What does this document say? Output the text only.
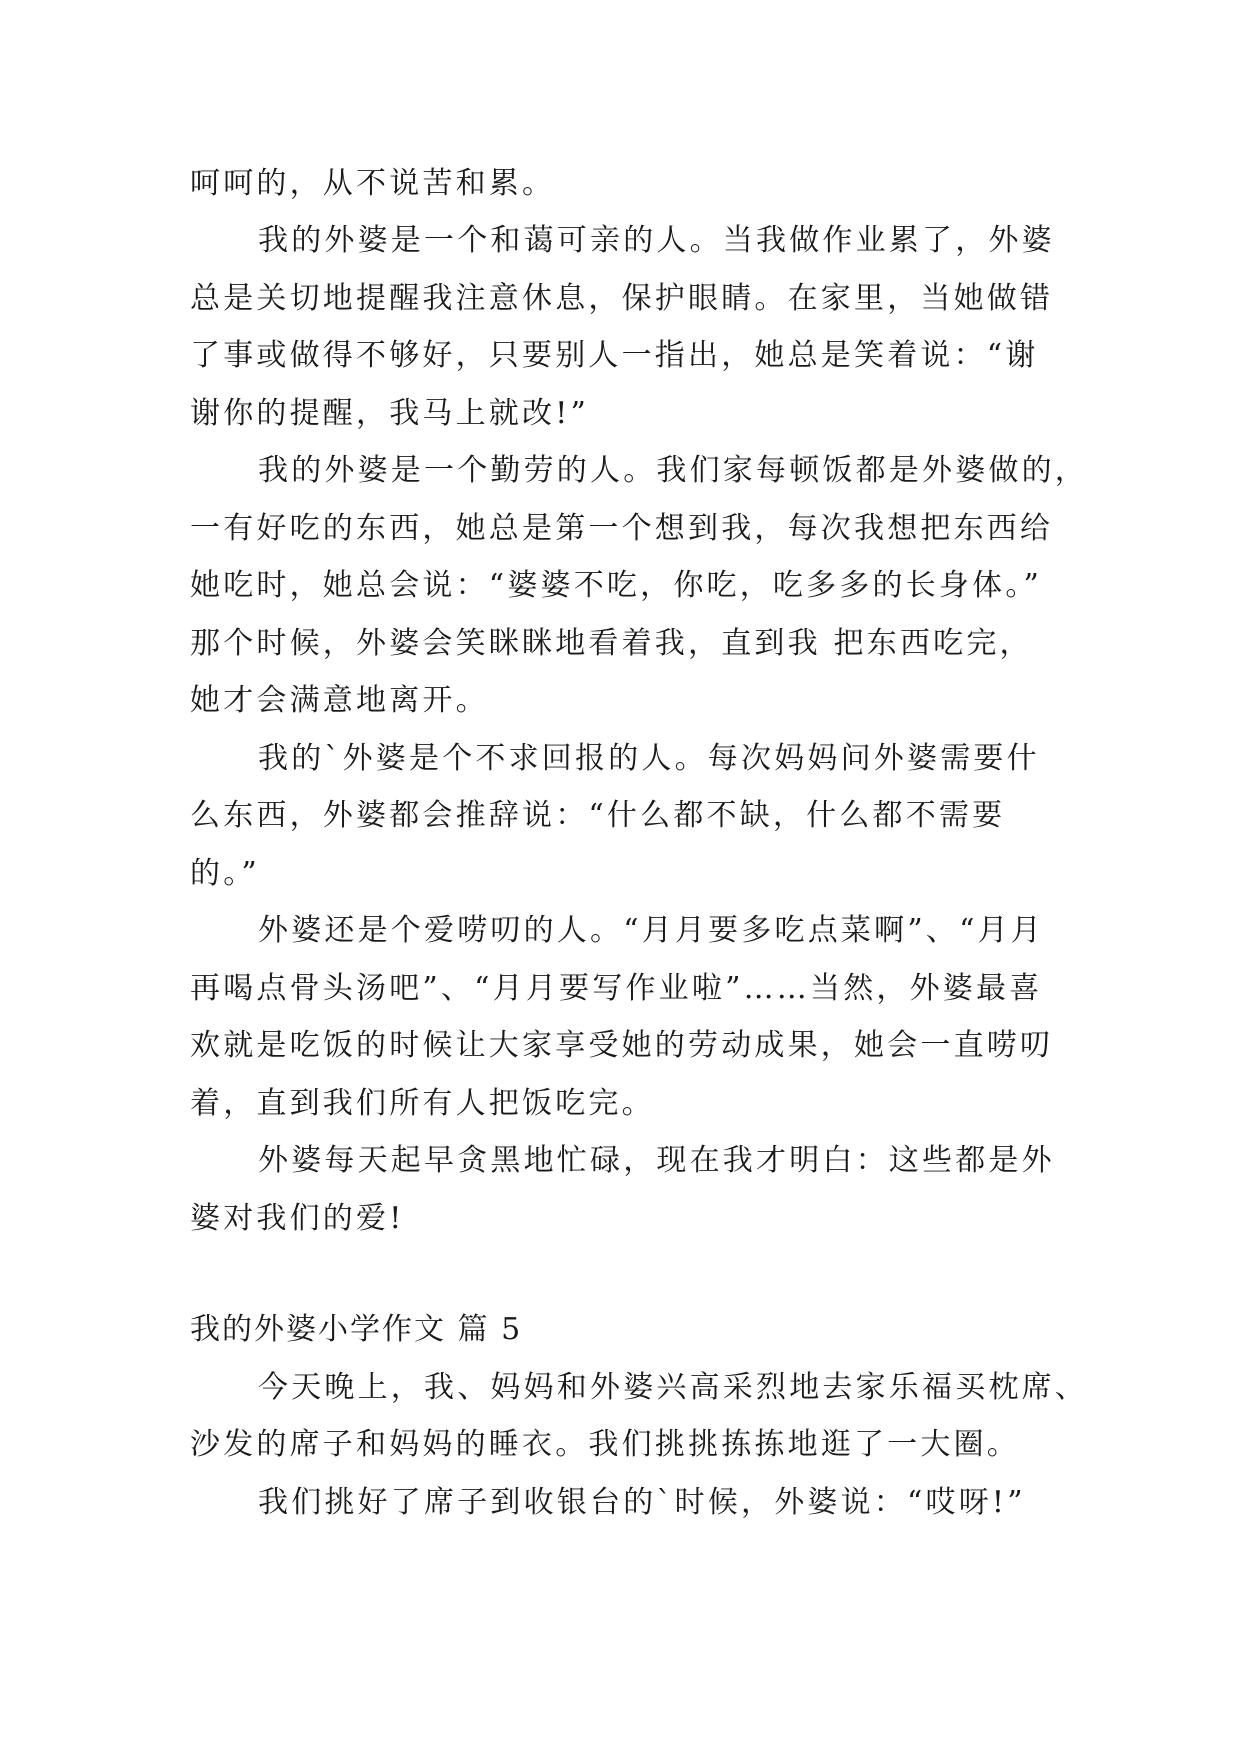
呵呵的，从不说苦和累。
我的外婆是一个和蔼可亲的人。当我做作业累了，外婆
总是关切地提醒我注意休息，保护眼睛。在家里，当她做错
了事或做得不够好，只要别人一指出，她总是笑着说：“谢
谢你的提醒，我马上就改!”
我的外婆是一个勤劳的人。我们家每顿饭都是外婆做的，
一有好吃的东西，她总是第一个想到我，每次我想把东西给
她吃时，她总会说：“婆婆不吃，你吃，吃多多的长身体。”
那个时候，外婆会笑眯眯地看着我，直到我 把东西吃完，
她才会满意地离开。
我的`外婆是个不求回报的人。每次妈妈问外婆需要什
么东西，外婆都会推辞说：“什么都不缺，什么都不需要
的。”
外婆还是个爱唠叨的人。“月月要多吃点菜啊”、“月月
再喝点骨头汤吧”、“月月要写作业啦”……当然，外婆最喜
欢就是吃饭的时候让大家享受她的劳动成果，她会一直唠叨
着，直到我们所有人把饭吃完。
外婆每天起早贪黑地忙碌，现在我才明白：这些都是外
婆对我们的爱!
我的外婆小学作文 篇 5
今天晚上，我、妈妈和外婆兴高采烈地去家乐福买枕席、
沙发的席子和妈妈的睡衣。我们挑挑拣拣地逛了一大圈。
我们挑好了席子到收银台的`时候，外婆说：“哎呀!”
